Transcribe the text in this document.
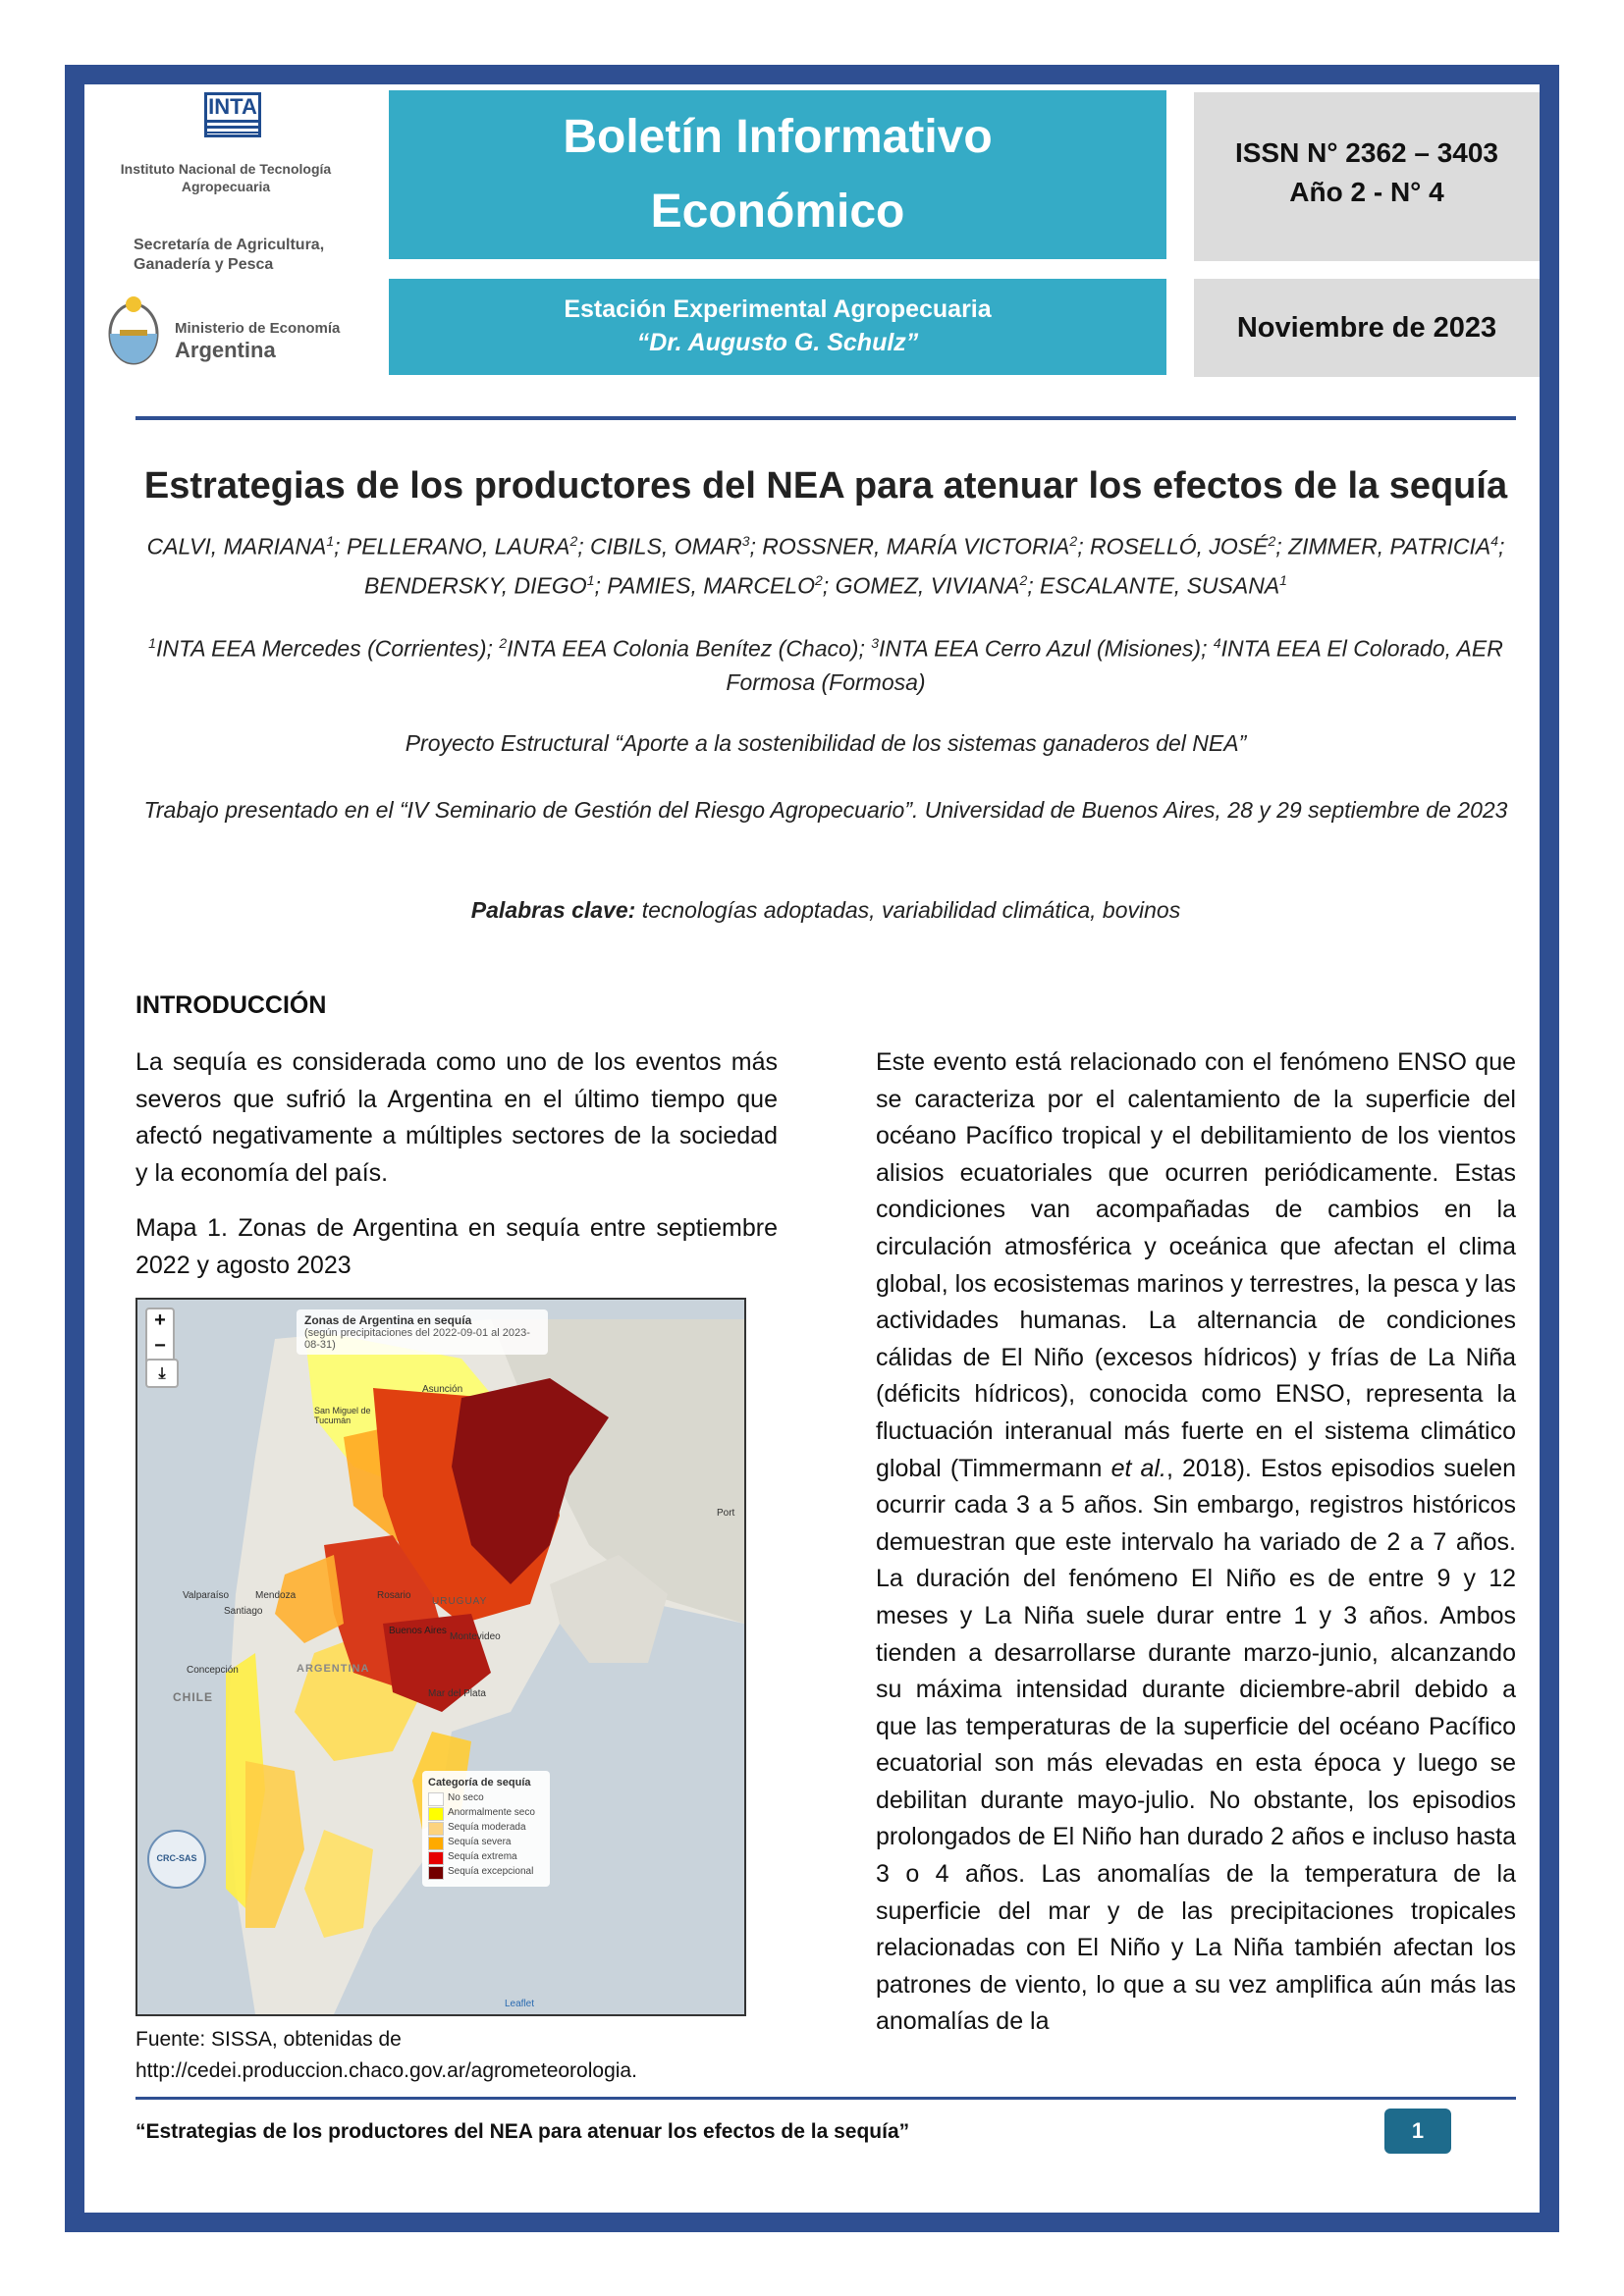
INTA
Instituto Nacional de Tecnología Agropecuaria
Secretaría de Agricultura, Ganadería y Pesca
Ministerio de Economía
Argentina
Boletín Informativo
Económico
Estación Experimental Agropecuaria
“Dr. Augusto G. Schulz”
ISSN N° 2362 – 3403
Año 2 - N° 4
Noviembre de 2023
Estrategias de los productores del NEA para atenuar los efectos de la sequía
CALVI, MARIANA$^1$; PELLERANO, LAURA$^2$; CIBILS, OMAR$^3$; ROSSNER, MARÍA VICTORIA$^2$; ROSELLÓ, JOSÉ$^2$; ZIMMER, PATRICIA$^4$; BENDERSKY, DIEGO$^1$; PAMIES, MARCELO$^2$; GOMEZ, VIVIANA$^2$; ESCALANTE, SUSANA$^1$
$^1$INTA EEA Mercedes (Corrientes); $^2$INTA EEA Colonia Benítez (Chaco); $^3$INTA EEA Cerro Azul (Misiones); $^4$INTA EEA El Colorado, AER Formosa (Formosa)
Proyecto Estructural “Aporte a la sostenibilidad de los sistemas ganaderos del NEA”
Trabajo presentado en el “IV Seminario de Gestión del Riesgo Agropecuario”. Universidad de Buenos Aires, 28 y 29 septiembre de 2023
Palabras clave: tecnologías adoptadas, variabilidad climática, bovinos
INTRODUCCIÓN
La sequía es considerada como uno de los eventos más severos que sufrió la Argentina en el último tiempo que afectó negativamente a múltiples sectores de la sociedad y la economía del país.
Mapa 1. Zonas de Argentina en sequía entre septiembre 2022 y agosto 2023
+
−
⤓
Zonas de Argentina en sequía
(según precipitaciones del 2022-09-01 al 2023-08-31)
Asunción
San Miguel de Tucumán
Port
Valparaíso	Mendoza
Santiago
Rosario
URUGUAY
Buenos Aires
Montevideo
Concepción	ARGENTINA
CHILE	Mar del Plata
Categoría de sequía
No seco
Anormalmente seco
Sequía moderada
Sequía severa
Sequía extrema
Sequía excepcional
CRC-SAS
Leaflet
Fuente: SISSA, obtenidas de
http://cedei.produccion.chaco.gov.ar/agrometeorologia.
Este evento está relacionado con el fenómeno ENSO que se caracteriza por el calentamiento de la superficie del océano Pacífico tropical y el debilitamiento de los vientos alisios ecuatoriales que ocurren periódicamente. Estas condiciones van acompañadas de cambios en la circulación atmosférica y oceánica que afectan el clima global, los ecosistemas marinos y terrestres, la pesca y las actividades humanas. La alternancia de condiciones cálidas de El Niño (excesos hídricos) y frías de La Niña (déficits hídricos), conocida como ENSO, representa la fluctuación interanual más fuerte en el sistema climático global (Timmermann et al., 2018). Estos episodios suelen ocurrir cada 3 a 5 años. Sin embargo, registros históricos demuestran que este intervalo ha variado de 2 a 7 años. La duración del fenómeno El Niño es de entre 9 y 12 meses y La Niña suele durar entre 1 y 3 años. Ambos tienden a desarrollarse durante marzo-junio, alcanzando su máxima intensidad durante diciembre-abril debido a que las temperaturas de la superficie del océano Pacífico ecuatorial son más elevadas en esta época y luego se debilitan durante mayo-julio. No obstante, los episodios prolongados de El Niño han durado 2 años e incluso hasta 3 o 4 años. Las anomalías de la temperatura de la superficie del mar y de las precipitaciones tropicales relacionadas con El Niño y La Niña también afectan los patrones de viento, lo que a su vez amplifica aún más las anomalías de la
“Estrategias de los productores del NEA para atenuar los efectos de la sequía”	1
